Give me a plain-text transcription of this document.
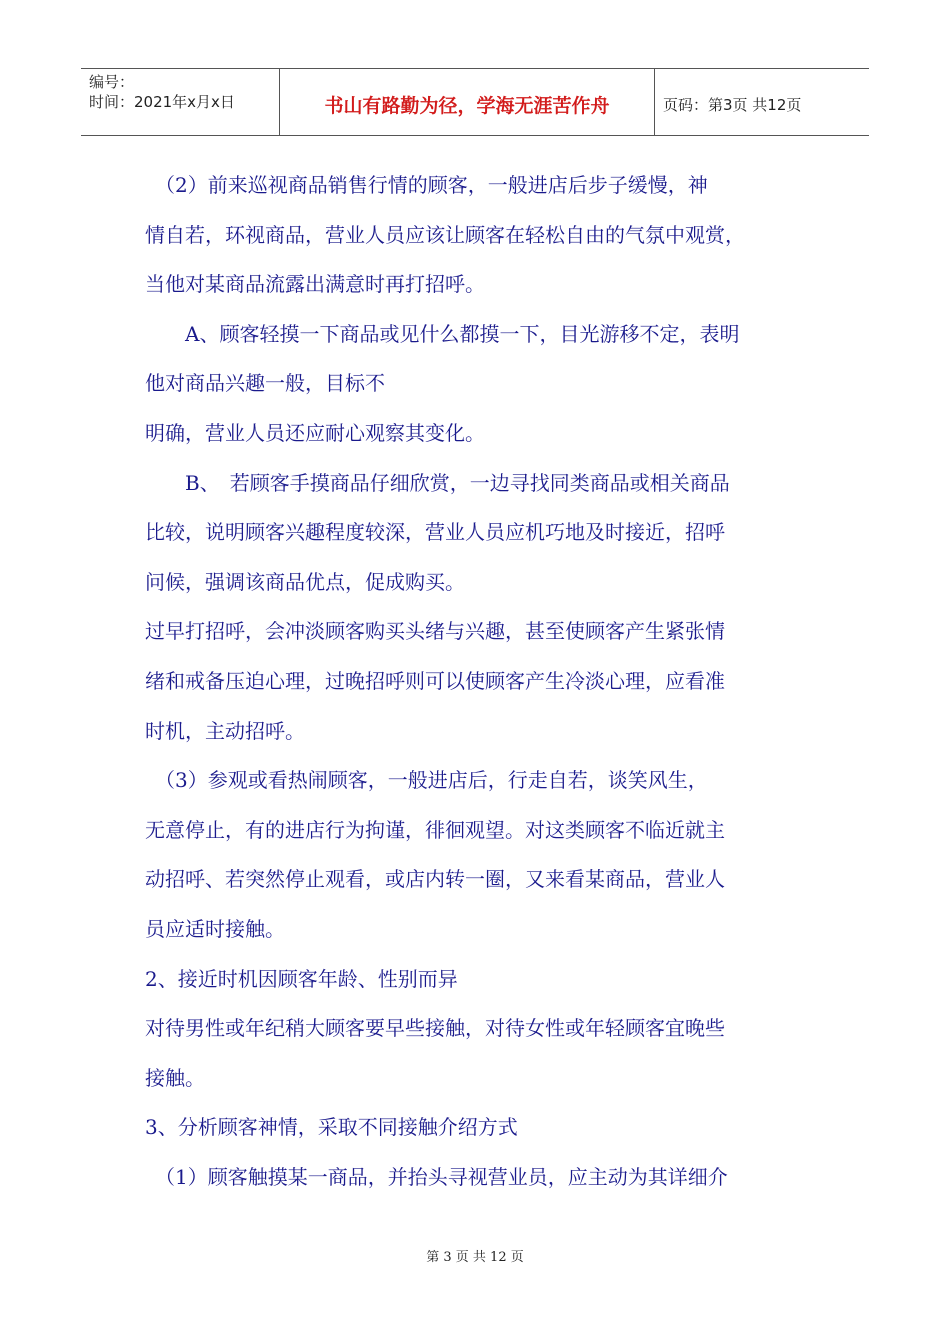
编号：
时间：2021年x月x日	书山有路勤为径，学海无涯苦作舟	页码：第3页 共12页
　（2）前来巡视商品销售行情的顾客，一般进店后步子缓慢，神
情自若，环视商品，营业人员应该让顾客在轻松自由的气氛中观赏，
当他对某商品流露出满意时再打招呼。
　　A、顾客轻摸一下商品或见什么都摸一下，目光游移不定，表明
他对商品兴趣一般，目标不
明确，营业人员还应耐心观察其变化。
　　B、　若顾客手摸商品仔细欣赏，一边寻找同类商品或相关商品
比较，说明顾客兴趣程度较深，营业人员应机巧地及时接近，招呼
问候，强调该商品优点，促成购买。
过早打招呼，会冲淡顾客购买头绪与兴趣，甚至使顾客产生紧张情
绪和戒备压迫心理，过晚招呼则可以使顾客产生冷淡心理，应看准
时机，主动招呼。
　（3）参观或看热闹顾客，一般进店后，行走自若，谈笑风生，
无意停止，有的进店行为拘谨，徘徊观望。对这类顾客不临近就主
动招呼、若突然停止观看，或店内转一圈，又来看某商品，营业人
员应适时接触。
2、接近时机因顾客年龄、性别而异
对待男性或年纪稍大顾客要早些接触，对待女性或年轻顾客宜晚些
接触。
3、分析顾客神情，采取不同接触介绍方式
　（1）顾客触摸某一商品，并抬头寻视营业员，应主动为其详细介
第 3 页 共 12 页
